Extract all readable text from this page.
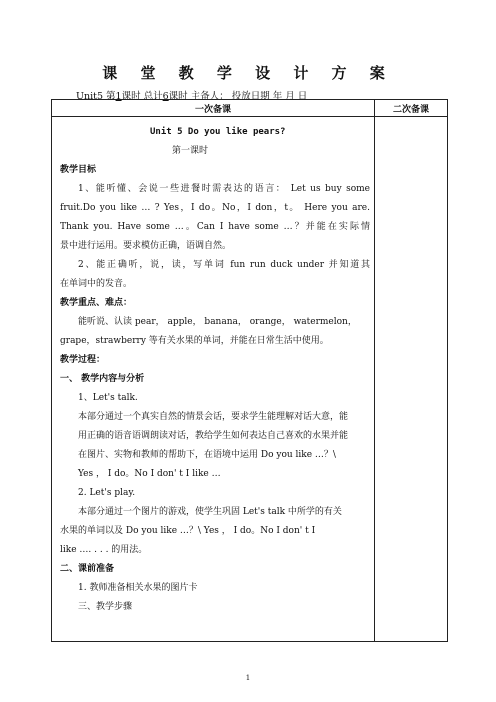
课 堂 教 学 设 计 方 案
Unit5 第1课时 总计6课时 主备人： 投放日期 年 月 日
一次备课	二次备课

Unit 5 Do you like pears?

第一课时

教学目标

1、能听懂、会说一些进餐时需表达的语言： Let us buy some

fruit.Do you like … ? Yes，I do。No，I don，t。 Here you are.

Thank you. Have some …。Can I have some …？并能在实际情

景中进行运用。要求模仿正确，语调自然。

2、能正确听，说，读，写单词 fun run duck under 并知道其

在单词中的发音。

教学重点、难点：

能听说、认读 pear， apple， banana， orange， watermelon，

grape，strawberry 等有关水果的单词，并能在日常生活中使用。

教学过程：

一、 教学内容与分析

1、Let's talk.

本部分通过一个真实自然的情景会话，要求学生能理解对话大意，能

用正确的语音语调朗读对话，教给学生如何表达自己喜欢的水果并能

在图片、实物和教师的帮助下，在语境中运用 Do you like …？\

Yes ， I do。No I don' t I like …

2. Let's play.

本部分通过一个图片的游戏，使学生巩固 Let's talk 中所学的有关

水果的单词以及 Do you like …？\ Yes ， I do。No I don' t I

like …. . . . 的用法。

二、课前准备

1. 教师准备相关水果的图片卡

三、教学步骤

1
